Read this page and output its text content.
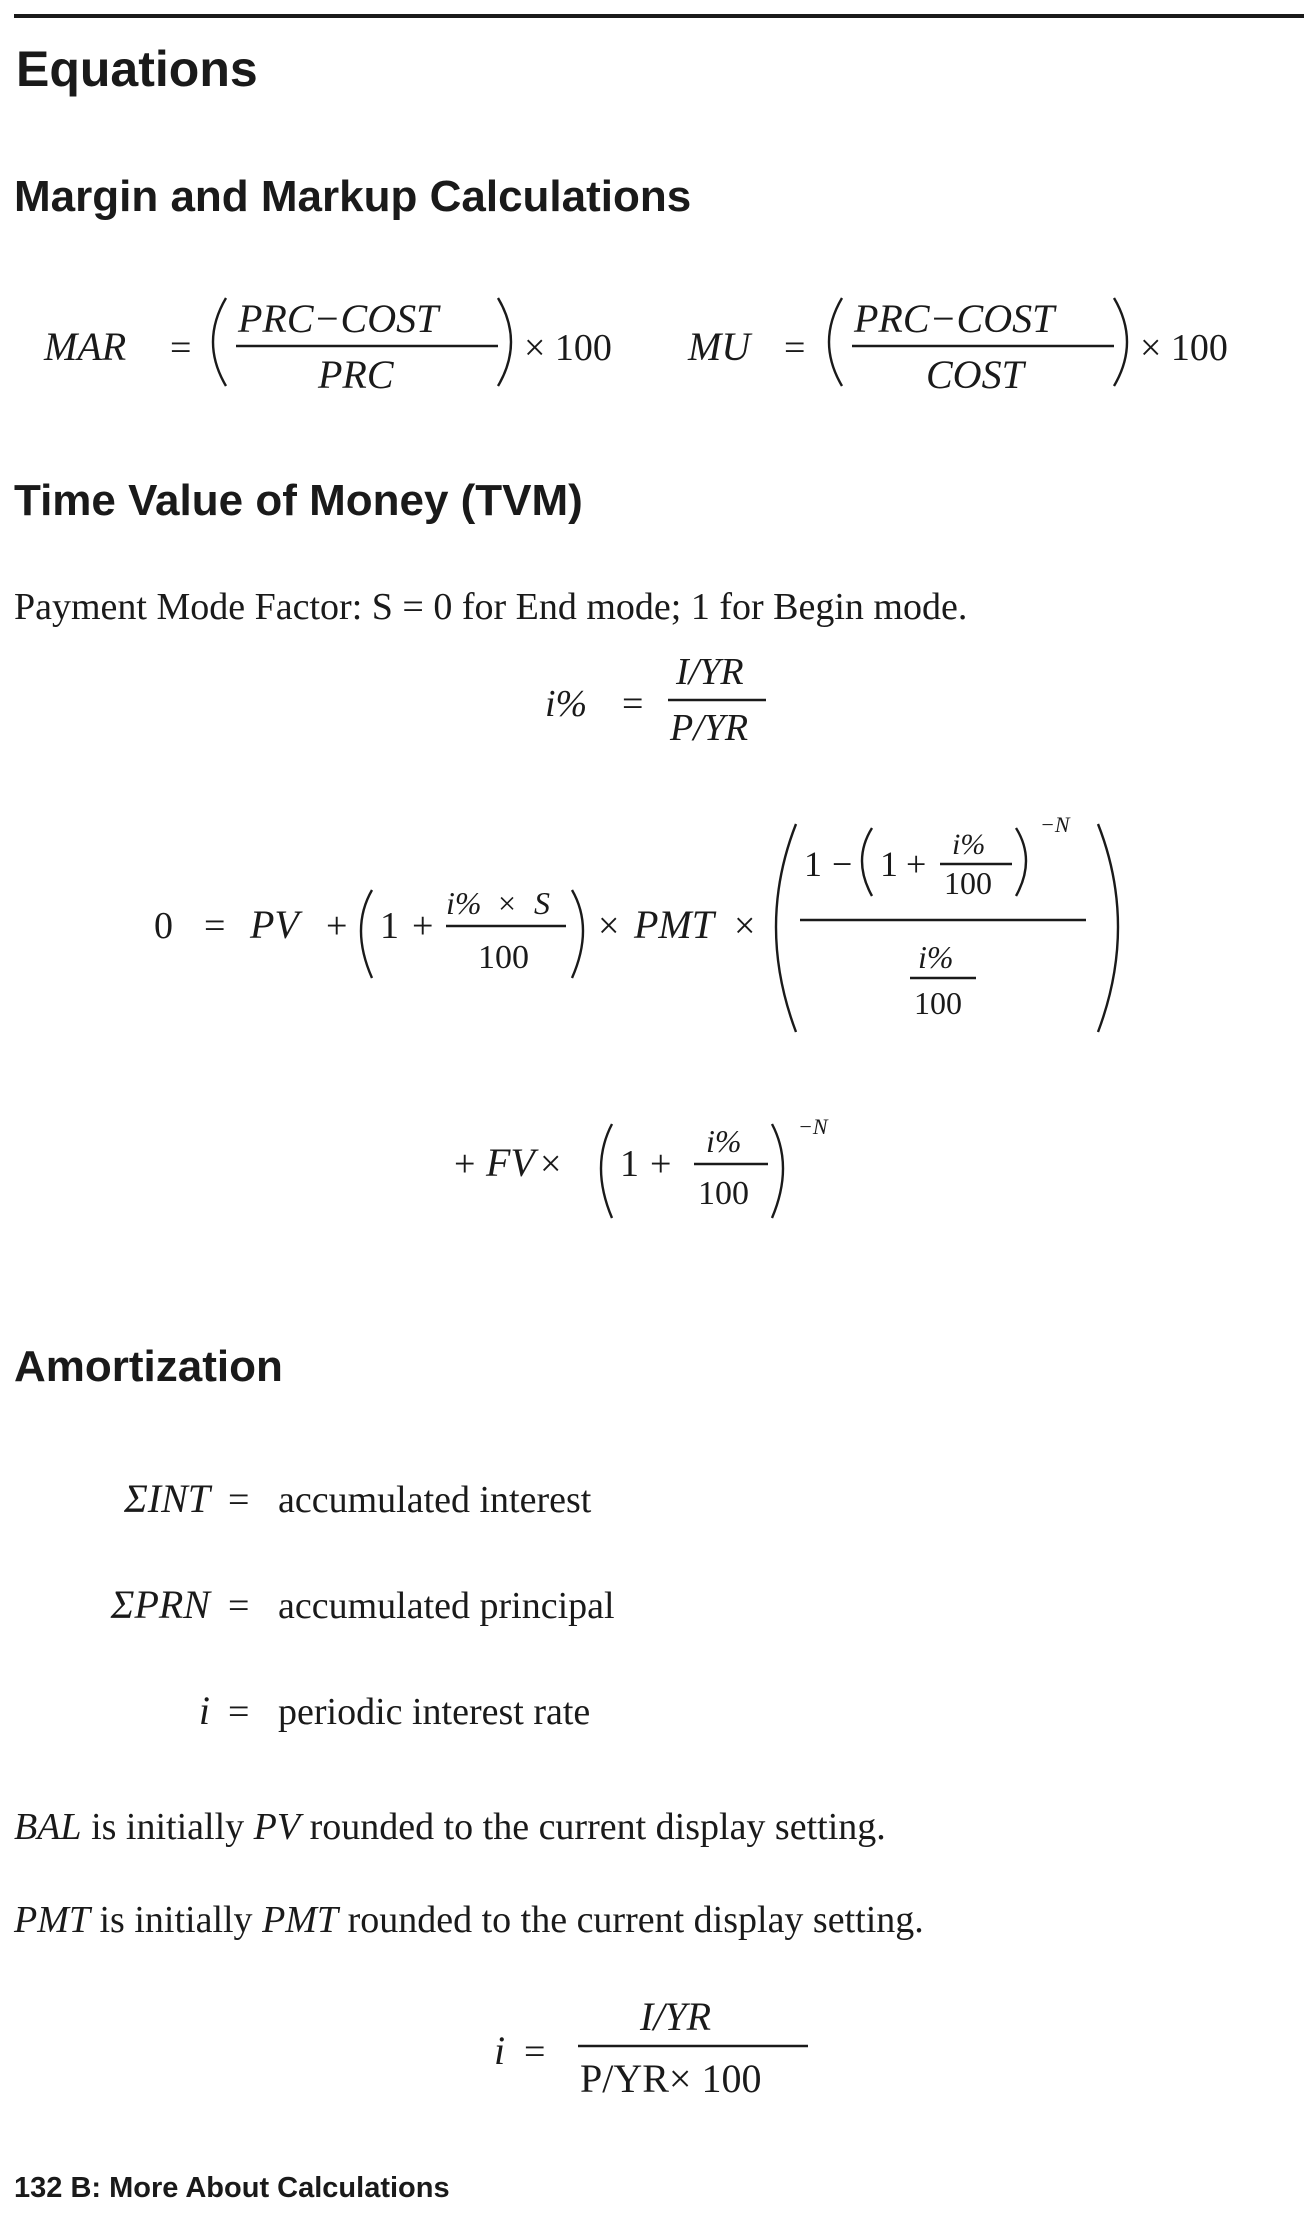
Equations
Margin and Markup Calculations
MAR =
PRC−COST
PRC
× 100 MU =
PRC−COST
COST
× 100
Time Value of Money (TVM)
Payment Mode Factor: S = 0 for End mode; 1 for Begin mode.
i% =
I/YR
P/YR
0 = PV + 1 +
i% × S
100
× PMT ×
1 − 1 + i%
100
−N
i%
100
+ FV × 1 +
i%
100
−N
Amortization
ΣINT = accumulated interest
ΣPRN = accumulated principal
i = periodic interest rate
BAL is initially PV rounded to the current display setting.
PMT is initially PMT rounded to the current display setting.
i =
I/YR
P/YR× 100
132 B: More About Calculations
